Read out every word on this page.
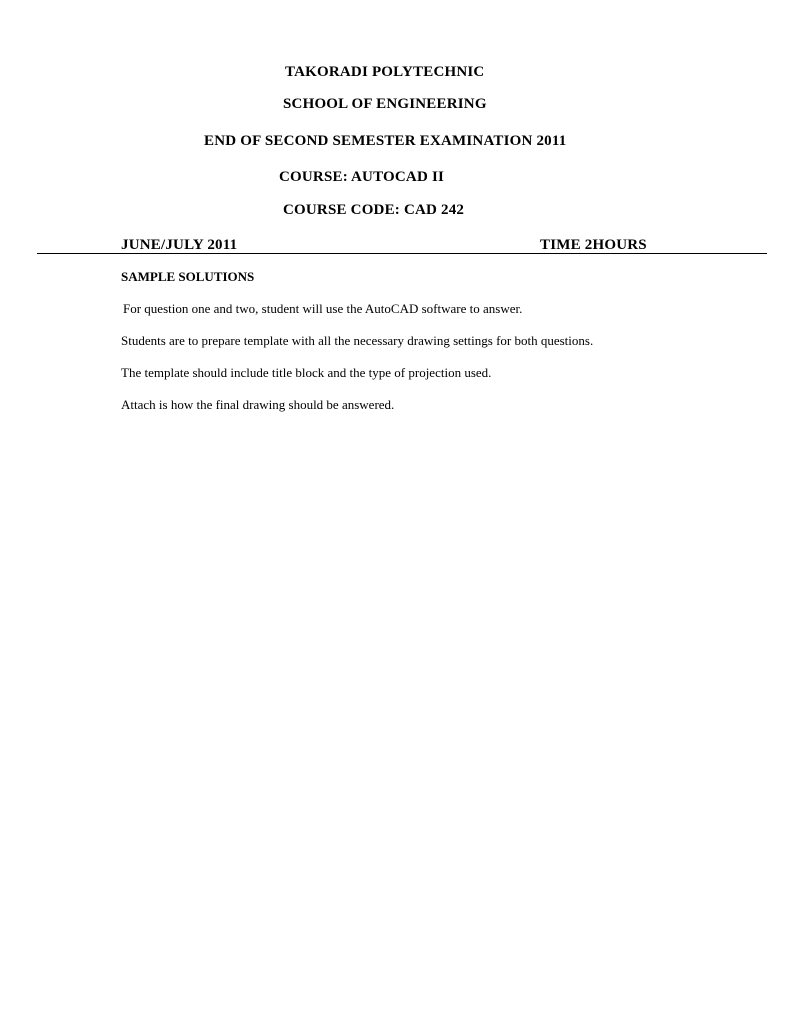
TAKORADI POLYTECHNIC
SCHOOL OF ENGINEERING
END OF SECOND SEMESTER EXAMINATION 2011
COURSE: AUTOCAD II
COURSE CODE: CAD 242
JUNE/JULY 2011	TIME 2HOURS
SAMPLE SOLUTIONS
For question one and two, student will use the AutoCAD software to answer.
Students are to prepare template with all the necessary drawing settings for both questions.
The template should include title block and the type of projection used.
Attach is how the final drawing should be answered.
